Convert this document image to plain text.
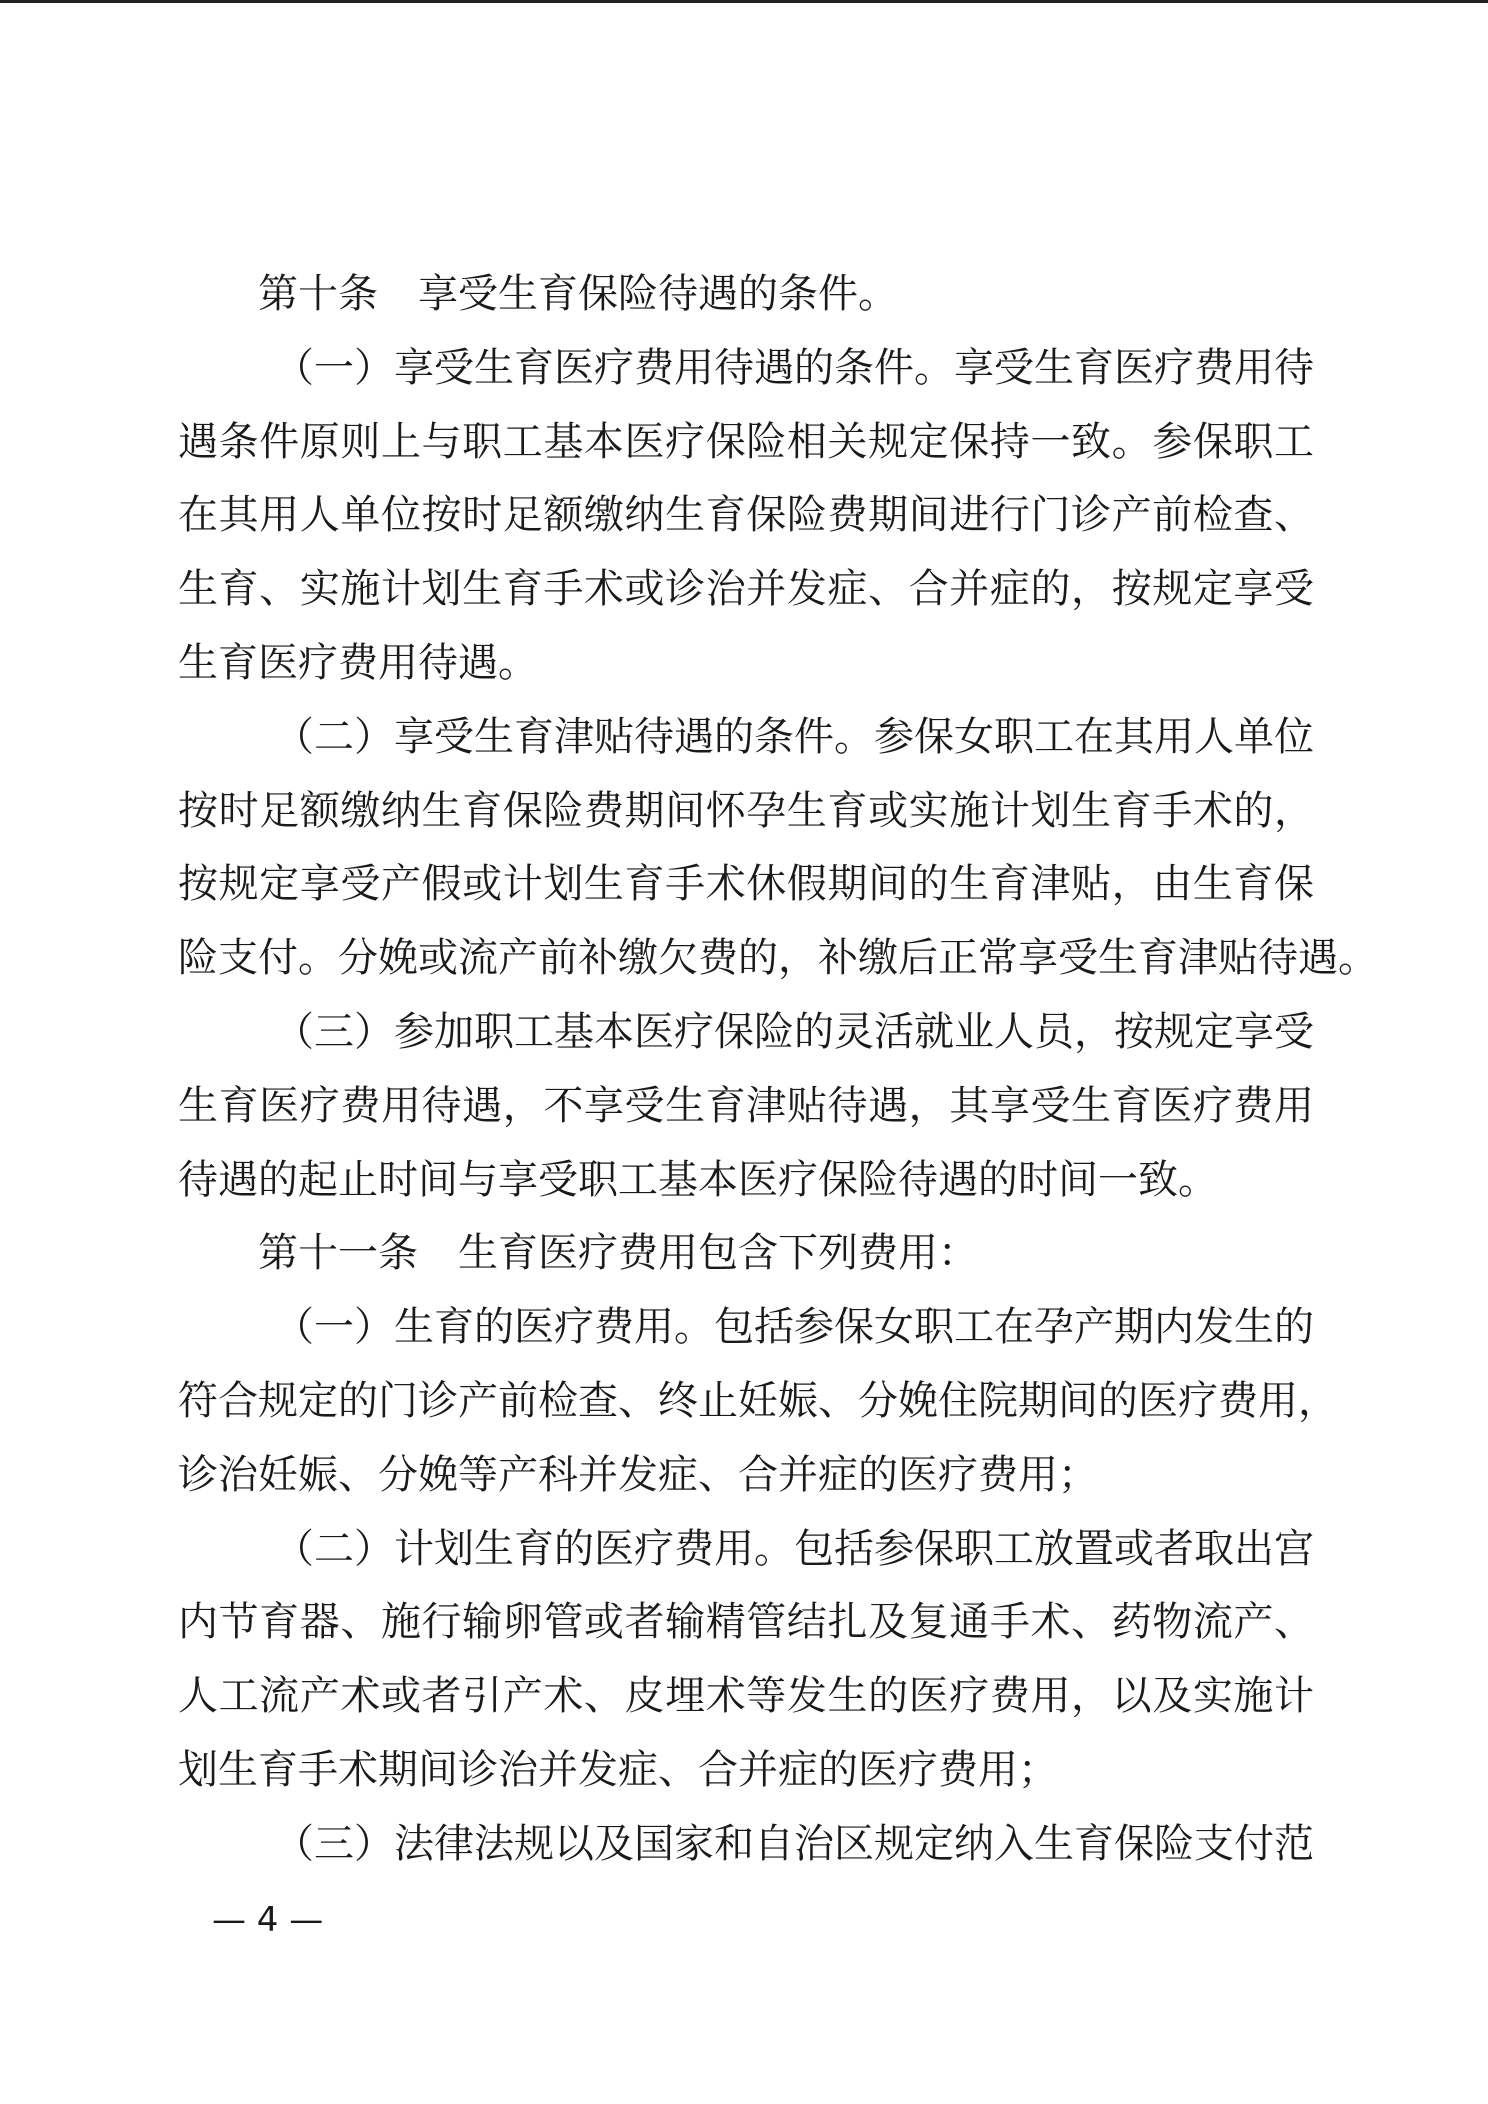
第十条　享受生育保险待遇的条件。
（一）享受生育医疗费用待遇的条件。享受生育医疗费用待
遇条件原则上与职工基本医疗保险相关规定保持一致。参保职工
在其用人单位按时足额缴纳生育保险费期间进行门诊产前检查、
生育、实施计划生育手术或诊治并发症、合并症的，按规定享受
生育医疗费用待遇。
（二）享受生育津贴待遇的条件。参保女职工在其用人单位
按时足额缴纳生育保险费期间怀孕生育或实施计划生育手术的，
按规定享受产假或计划生育手术休假期间的生育津贴，由生育保
险支付。分娩或流产前补缴欠费的，补缴后正常享受生育津贴待遇。
（三）参加职工基本医疗保险的灵活就业人员，按规定享受
生育医疗费用待遇，不享受生育津贴待遇，其享受生育医疗费用
待遇的起止时间与享受职工基本医疗保险待遇的时间一致。
第十一条　生育医疗费用包含下列费用：
（一）生育的医疗费用。包括参保女职工在孕产期内发生的
符合规定的门诊产前检查、终止妊娠、分娩住院期间的医疗费用，
诊治妊娠、分娩等产科并发症、合并症的医疗费用；
（二）计划生育的医疗费用。包括参保职工放置或者取出宫
内节育器、施行输卵管或者输精管结扎及复通手术、药物流产、
人工流产术或者引产术、皮埋术等发生的医疗费用，以及实施计
划生育手术期间诊治并发症、合并症的医疗费用；
（三）法律法规以及国家和自治区规定纳入生育保险支付范
— 4 —
